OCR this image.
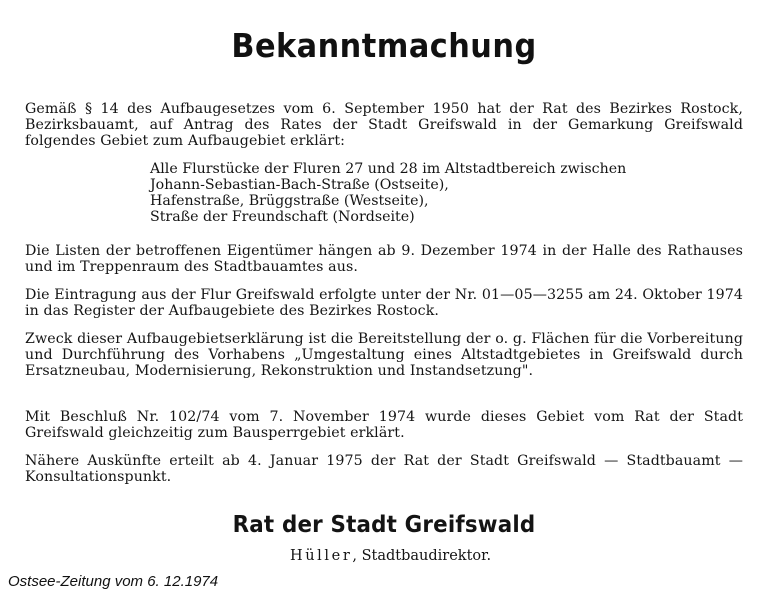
Bekanntmachung
Gemäß § 14 des Aufbaugesetzes vom 6. September 1950 hat der Rat des Bezirkes Rostock, Bezirksbauamt, auf Antrag des Rates der Stadt Greifswald in der Gemarkung Greifswald folgendes Gebiet zum Aufbaugebiet erklärt:
Alle Flurstücke der Fluren 27 und 28 im Altstadtbereich zwischen
Johann-Sebastian-Bach-Straße (Ostseite),
Hafenstraße, Brüggstraße (Westseite),
Straße der Freundschaft (Nordseite)
Die Listen der betroffenen Eigentümer hängen ab 9. Dezember 1974 in der Halle des Rathauses und im Treppenraum des Stadtbauamtes aus.
Die Eintragung aus der Flur Greifswald erfolgte unter der Nr. 01—05—3255 am 24. Oktober 1974 in das Register der Aufbaugebiete des Bezirkes Rostock.
Zweck dieser Aufbaugebietserklärung ist die Bereitstellung der o. g. Flächen für die Vorbereitung und Durchführung des Vorhabens „Umgestaltung eines Altstadtgebietes in Greifswald durch Ersatzneubau, Modernisierung, Rekonstruktion und Instandsetzung".
Mit Beschluß Nr. 102/74 vom 7. November 1974 wurde dieses Gebiet vom Rat der Stadt Greifswald gleichzeitig zum Bausperrgebiet erklärt.
Nähere Auskünfte erteilt ab 4. Januar 1975 der Rat der Stadt Greifswald — Stadtbauamt — Konsultationspunkt.
Rat der Stadt Greifswald
Hüller, Stadtbaudirektor.
Ostsee-Zeitung vom 6. 12.1974
